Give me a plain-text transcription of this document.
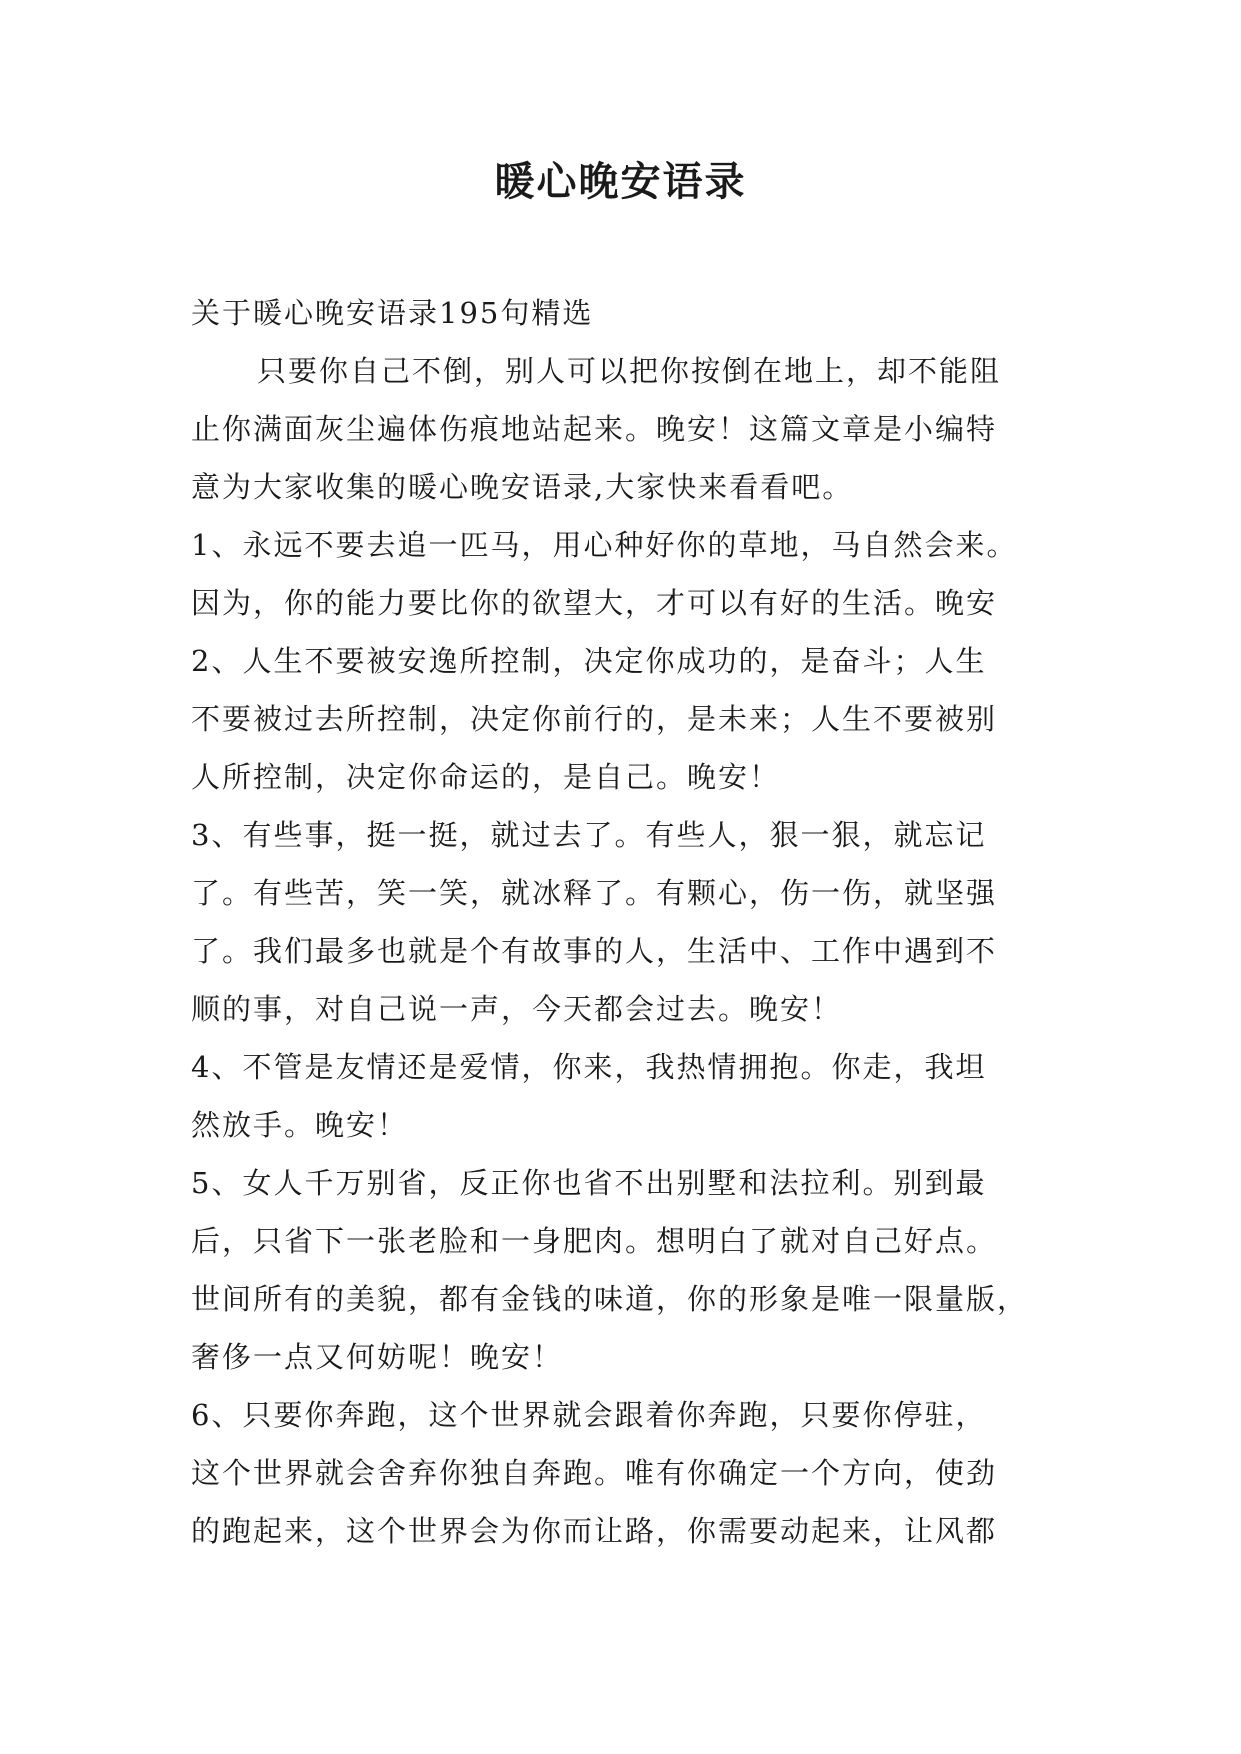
暖心晚安语录
关于暖心晚安语录195句精选
只要你自己不倒，别人可以把你按倒在地上，却不能阻
止你满面灰尘遍体伤痕地站起来。晚安！这篇文章是小编特
意为大家收集的暖心晚安语录,大家快来看看吧。
1、永远不要去追一匹马，用心种好你的草地，马自然会来。
因为，你的能力要比你的欲望大，才可以有好的生活。晚安
2、人生不要被安逸所控制，决定你成功的，是奋斗；人生
不要被过去所控制，决定你前行的，是未来；人生不要被别
人所控制，决定你命运的，是自己。晚安！
3、有些事，挺一挺，就过去了。有些人，狠一狠，就忘记
了。有些苦，笑一笑，就冰释了。有颗心，伤一伤，就坚强
了。我们最多也就是个有故事的人，生活中、工作中遇到不
顺的事，对自己说一声，今天都会过去。晚安！
4、不管是友情还是爱情，你来，我热情拥抱。你走，我坦
然放手。晚安！
5、女人千万别省，反正你也省不出别墅和法拉利。别到最
后，只省下一张老脸和一身肥肉。想明白了就对自己好点。
世间所有的美貌，都有金钱的味道，你的形象是唯一限量版，
奢侈一点又何妨呢！晚安！
6、只要你奔跑，这个世界就会跟着你奔跑，只要你停驻，
这个世界就会舍弃你独自奔跑。唯有你确定一个方向，使劲
的跑起来，这个世界会为你而让路，你需要动起来，让风都
